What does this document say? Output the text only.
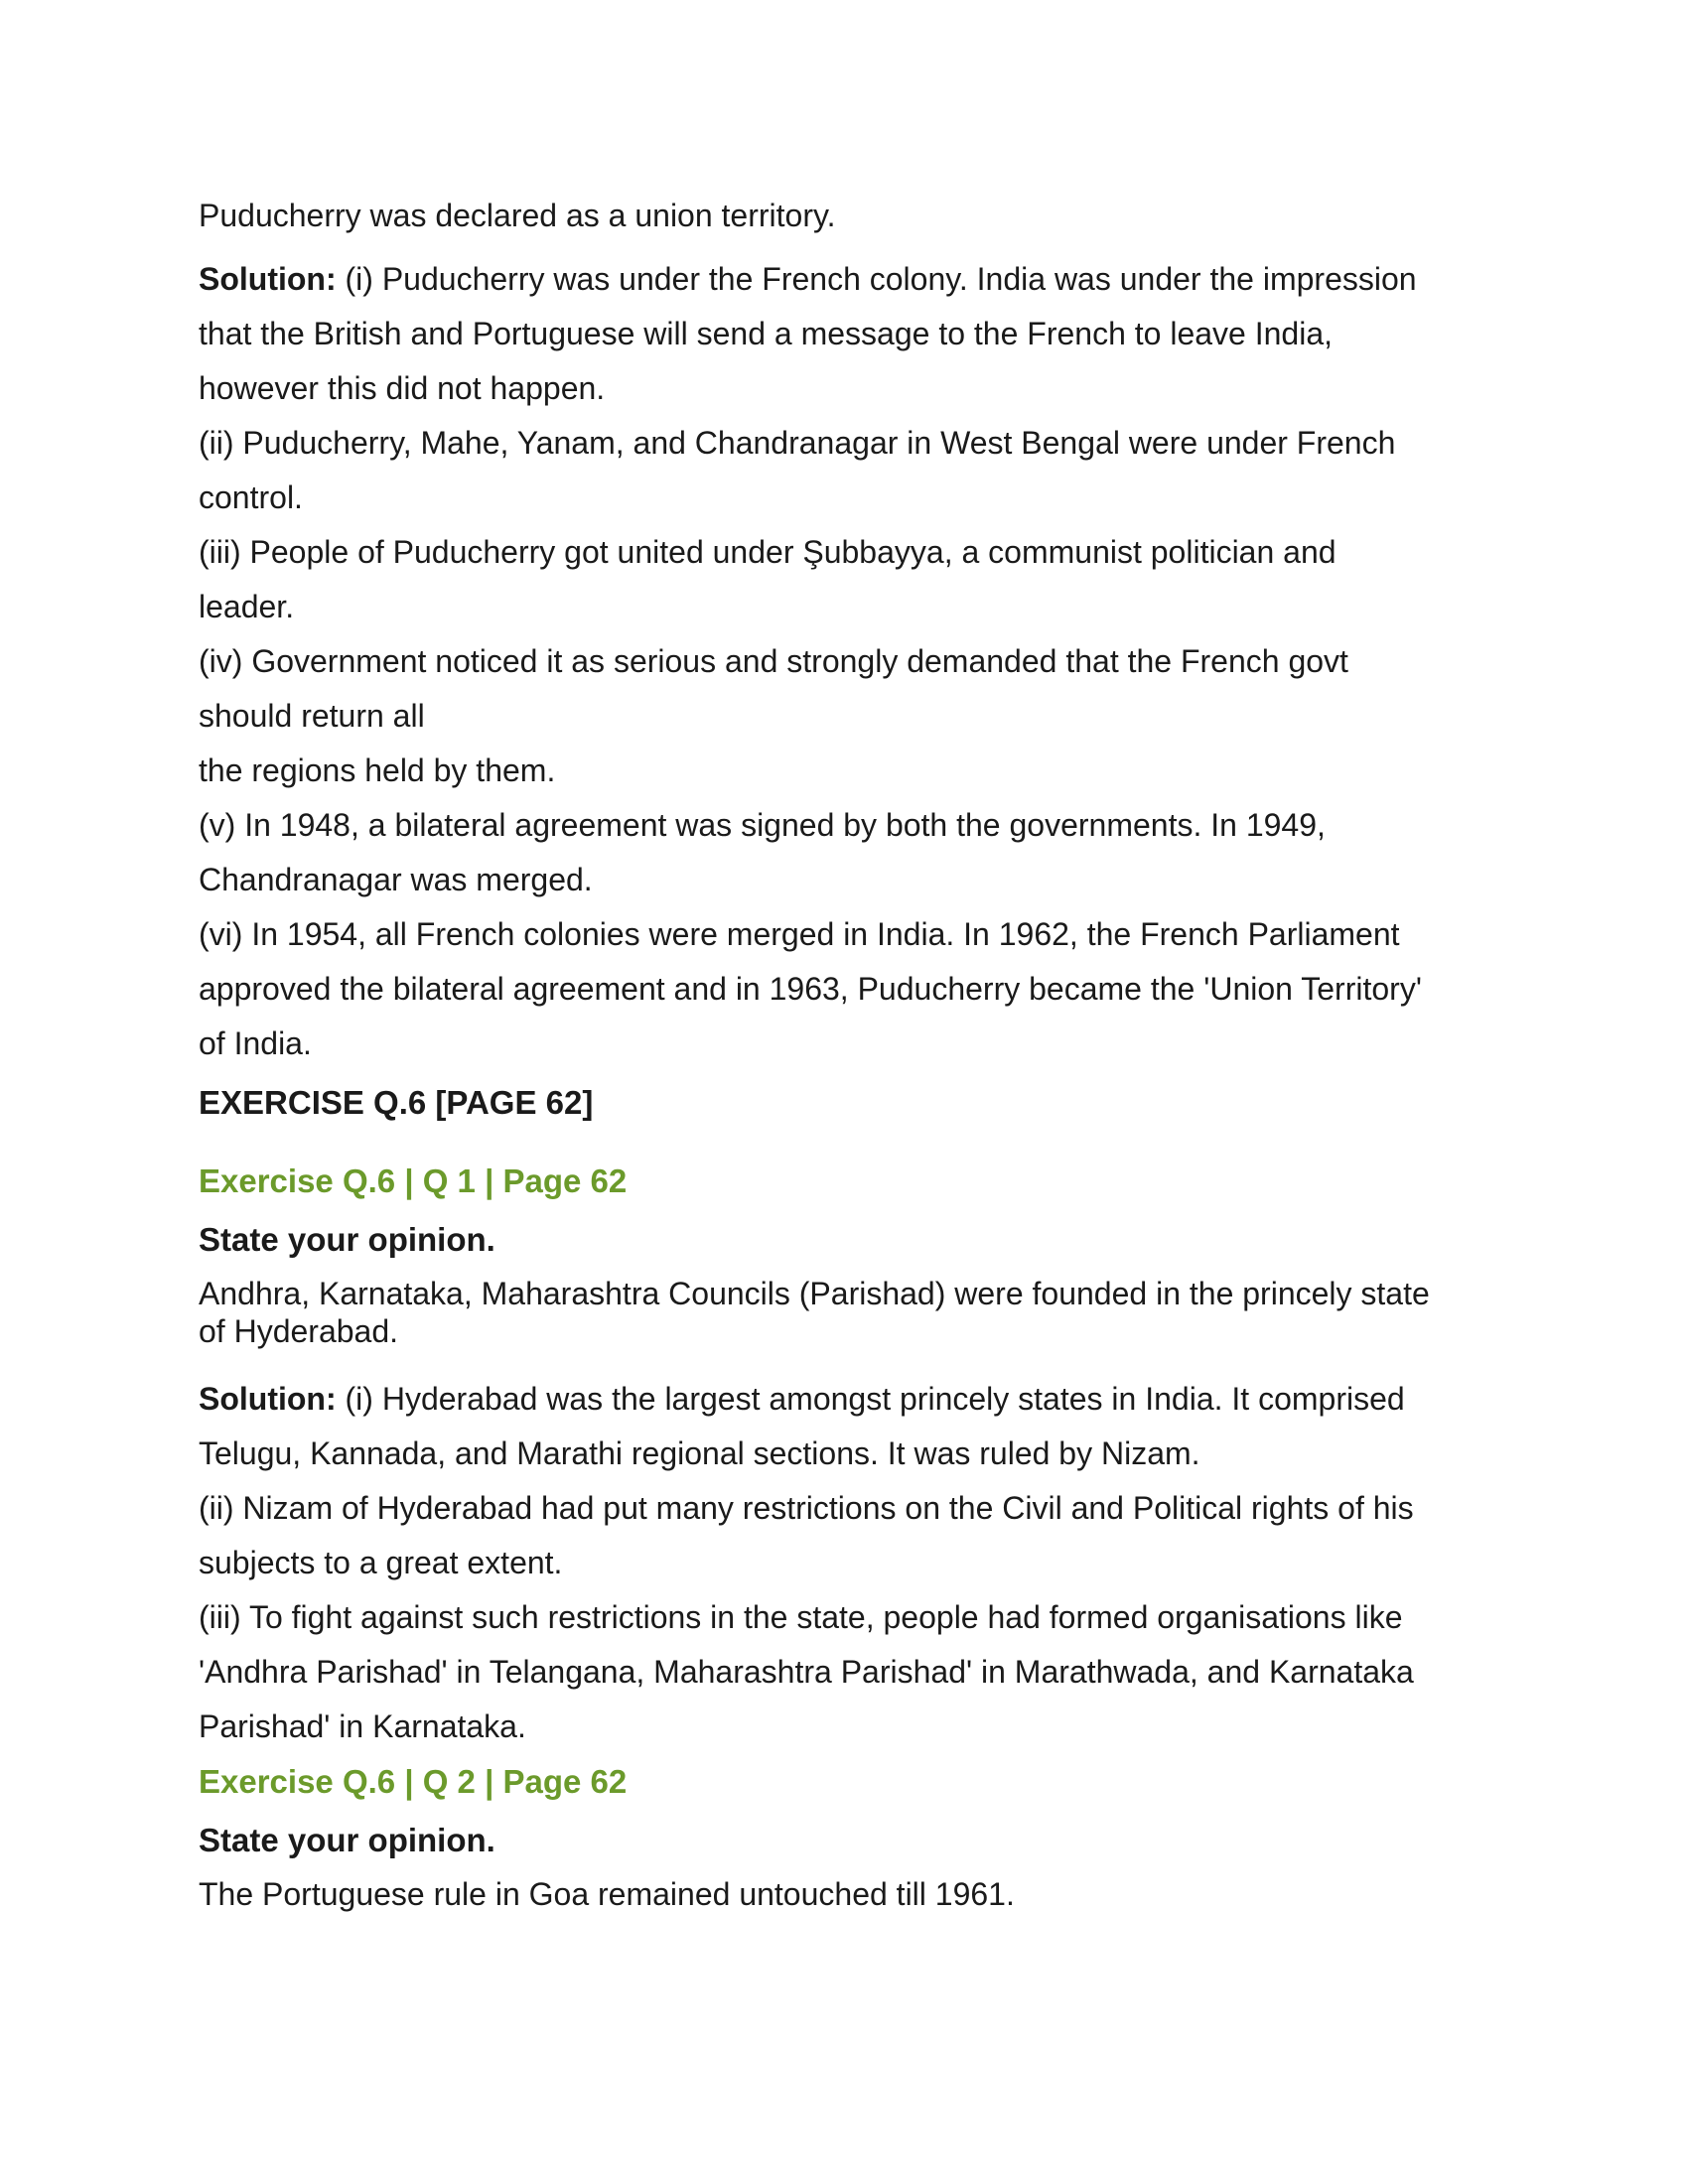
Puducherry was declared as a union territory.

Solution: (i) Puducherry was under the French colony. India was under the impression

that the British and Portuguese will send a message to the French to leave India,

however this did not happen.

(ii) Puducherry, Mahe, Yanam, and Chandranagar in West Bengal were under French

control.

(iii) People of Puducherry got united under Şubbayya, a communist politician and

leader.

(iv) Government noticed it as serious and strongly demanded that the French govt

should return all

the regions held by them.

(v) In 1948, a bilateral agreement was signed by both the governments. In 1949,

Chandranagar was merged.

(vi) In 1954, all French colonies were merged in India. In 1962, the French Parliament

approved the bilateral agreement and in 1963, Puducherry became the 'Union Territory'

of India.

EXERCISE Q.6 [PAGE 62]

Exercise Q.6 | Q 1 | Page 62

State your opinion.

Andhra, Karnataka, Maharashtra Councils (Parishad) were founded in the princely state

of Hyderabad.

Solution: (i) Hyderabad was the largest amongst princely states in India. It comprised

Telugu, Kannada, and Marathi regional sections. It was ruled by Nizam.

(ii) Nizam of Hyderabad had put many restrictions on the Civil and Political rights of his

subjects to a great extent.

(iii) To fight against such restrictions in the state, people had formed organisations like

'Andhra Parishad' in Telangana, Maharashtra Parishad' in Marathwada, and Karnataka

Parishad' in Karnataka.

Exercise Q.6 | Q 2 | Page 62

State your opinion.

The Portuguese rule in Goa remained untouched till 1961.
